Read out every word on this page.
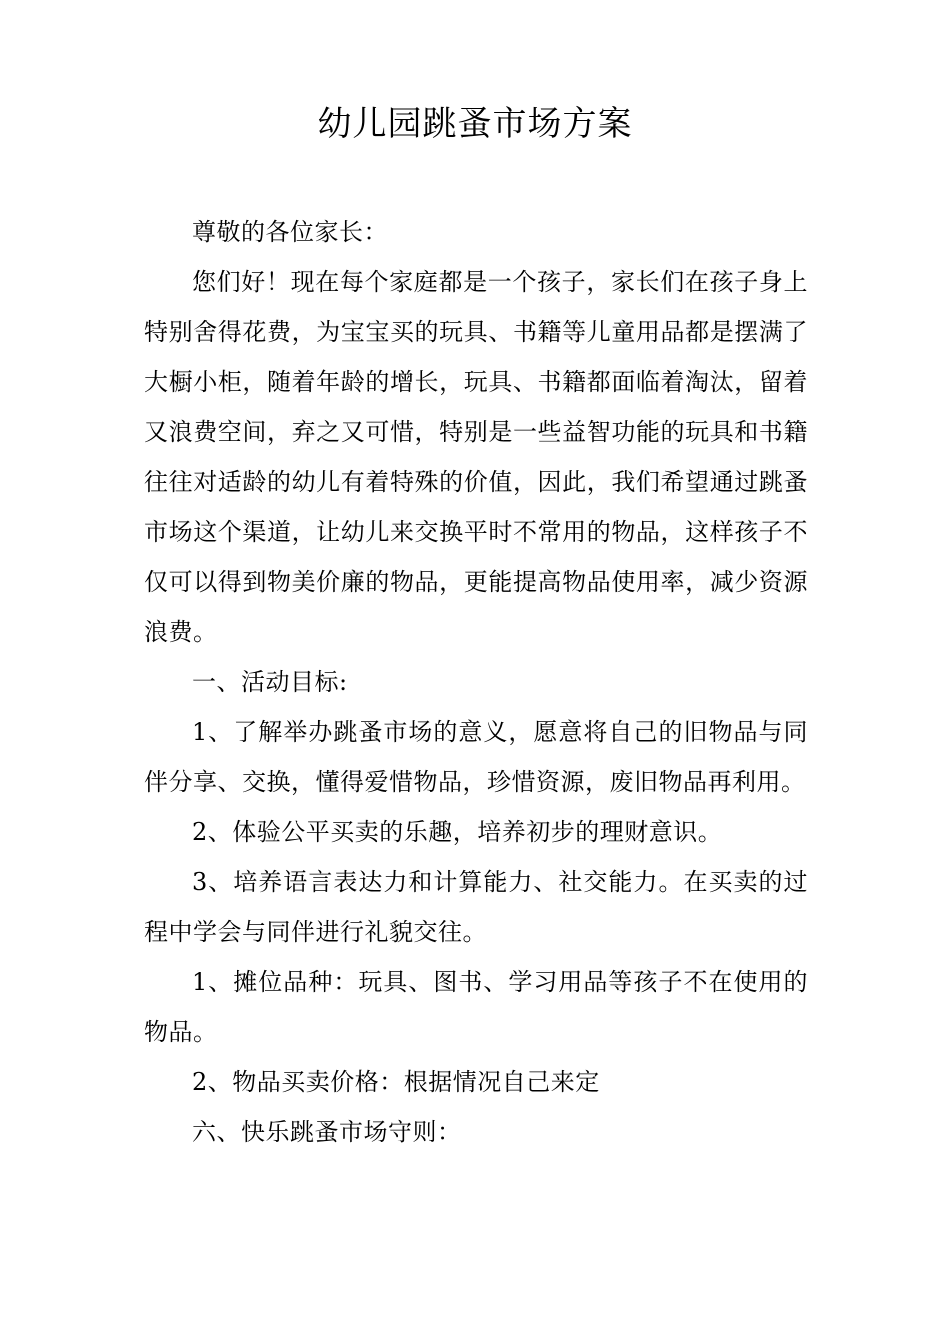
幼儿园跳蚤市场方案

尊敬的各位家长：

您们好！现在每个家庭都是一个孩子，家长们在孩子身上特别舍得花费，为宝宝买的玩具、书籍等儿童用品都是摆满了大橱小柜，随着年龄的增长，玩具、书籍都面临着淘汰，留着又浪费空间，弃之又可惜，特别是一些益智功能的玩具和书籍往往对适龄的幼儿有着特殊的价值，因此，我们希望通过跳蚤市场这个渠道，让幼儿来交换平时不常用的物品，这样孩子不仅可以得到物美价廉的物品，更能提高物品使用率，减少资源浪费。

一、活动目标:

1、了解举办跳蚤市场的意义，愿意将自己的旧物品与同伴分享、交换，懂得爱惜物品，珍惜资源，废旧物品再利用。

2、体验公平买卖的乐趣，培养初步的理财意识。

3、培养语言表达力和计算能力、社交能力。在买卖的过程中学会与同伴进行礼貌交往。

1、摊位品种：玩具、图书、学习用品等孩子不在使用的物品。

2、物品买卖价格：根据情况自己来定

六、快乐跳蚤市场守则：
